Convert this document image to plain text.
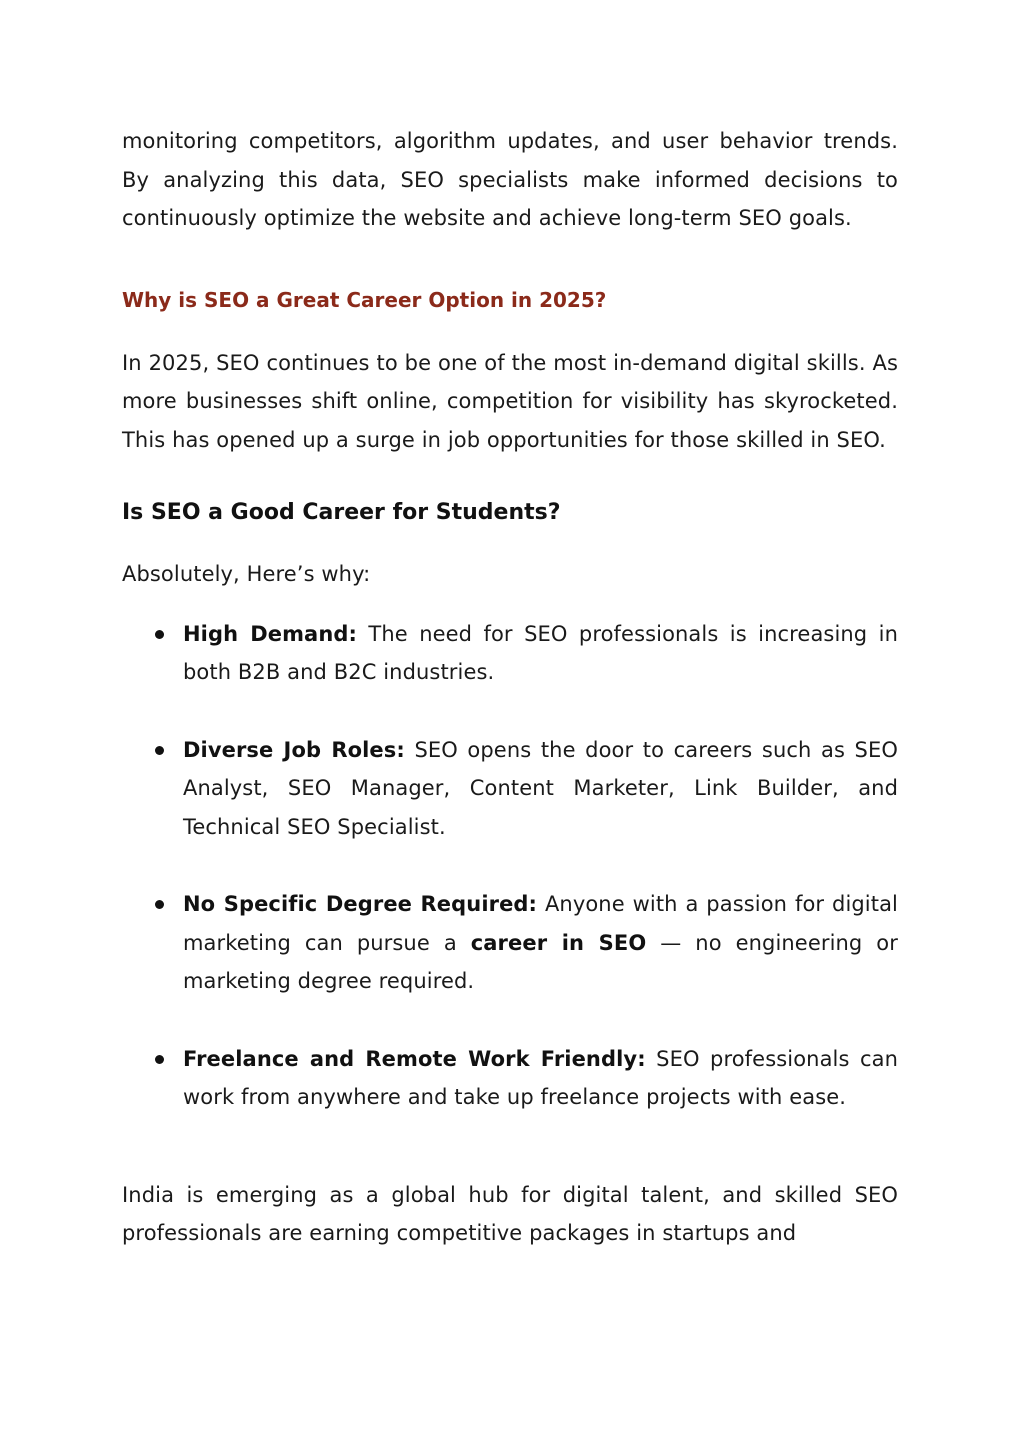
monitoring competitors, algorithm updates, and user behavior trends. By analyzing this data, SEO specialists make informed decisions to continuously optimize the website and achieve long-term SEO goals.

Why is SEO a Great Career Option in 2025?

In 2025, SEO continues to be one of the most in-demand digital skills. As more businesses shift online, competition for visibility has skyrocketed. This has opened up a surge in job opportunities for those skilled in SEO.

Is SEO a Good Career for Students?

Absolutely, Here’s why:

High Demand: The need for SEO professionals is increasing in both B2B and B2C industries.

Diverse Job Roles: SEO opens the door to careers such as SEO Analyst, SEO Manager, Content Marketer, Link Builder, and Technical SEO Specialist.

No Specific Degree Required: Anyone with a passion for digital marketing can pursue a career in SEO — no engineering or marketing degree required.

Freelance and Remote Work Friendly: SEO professionals can work from anywhere and take up freelance projects with ease.

India is emerging as a global hub for digital talent, and skilled SEO professionals are earning competitive packages in startups and
